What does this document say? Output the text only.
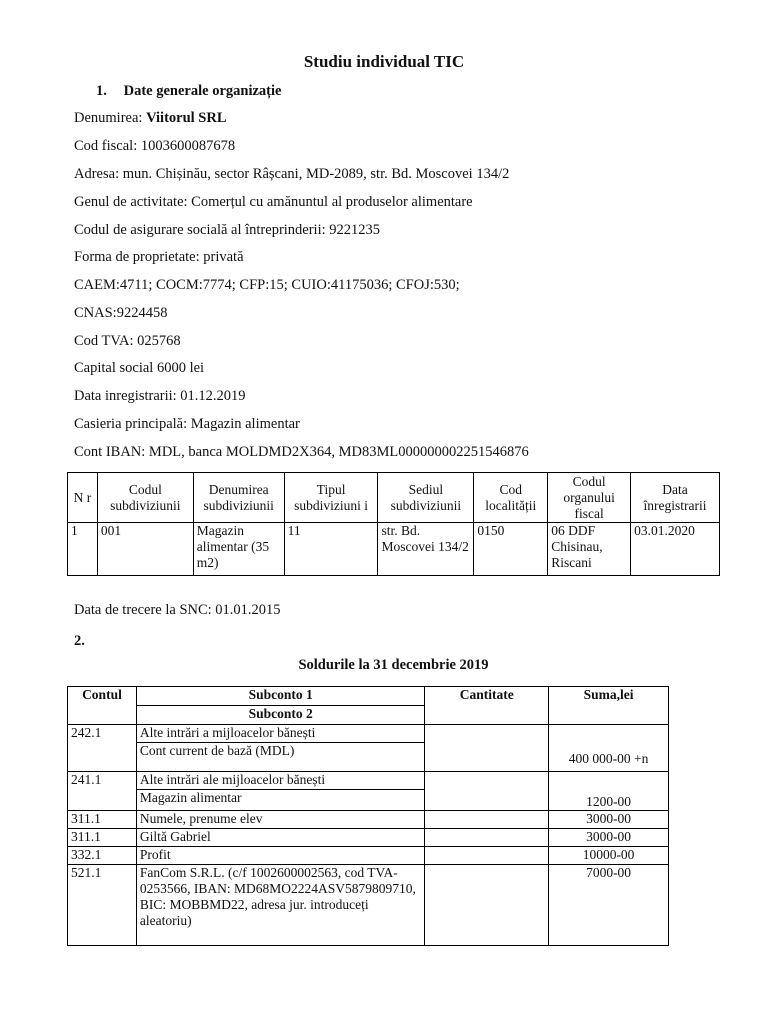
Studiu individual TIC
1. Date generale organizație
Denumirea: Viitorul SRL
Cod fiscal: 1003600087678
Adresa: mun. Chișinău, sector Râșcani, MD-2089, str. Bd. Moscovei 134/2
Genul de activitate: Comerțul cu amănuntul al produselor alimentare
Codul de asigurare socială al întreprinderii: 9221235
Forma de proprietate: privată
CAEM:4711; COCM:7774; CFP:15; CUIO:41175036; CFOJ:530;
CNAS:9224458
Cod TVA: 025768
Capital social 6000 lei
Data inregistrarii: 01.12.2019
Casieria principală: Magazin alimentar
Cont IBAN: MDL, banca MOLDMD2X364, MD83ML000000002251546876
N r	Codul subdiviziunii	Denumirea subdiviziunii	Tipul subdiviziuni i	Sediul subdiviziunii	Cod localității	Codul organului fiscal	Data înregistrarii
1	001	Magazin alimentar (35 m2)	11	str. Bd. Moscovei 134/2	0150	06 DDF Chisinau, Riscani	03.01.2020
Data de trecere la SNC: 01.01.2015
2.
Soldurile la 31 decembrie 2019
Contul	Subconto 1	Cantitate	Suma,lei
	Subconto 2		
242.1	Alte intrări a mijloacelor bănești		400 000-00 +n
	Cont current de bază (MDL)		
241.1	Alte intrări ale mijloacelor bănești		1200-00
	Magazin alimentar		
311.1	Numele, prenume elev		3000-00
311.1	Giltă Gabriel		3000-00
332.1	Profit		10000-00
521.1	FanCom S.R.L. (c/f 1002600002563, cod TVA-0253566, IBAN: MD68MO2224ASV5879809710, BIC: MOBBMD22, adresa jur. introduceți aleatoriu)		7000-00
